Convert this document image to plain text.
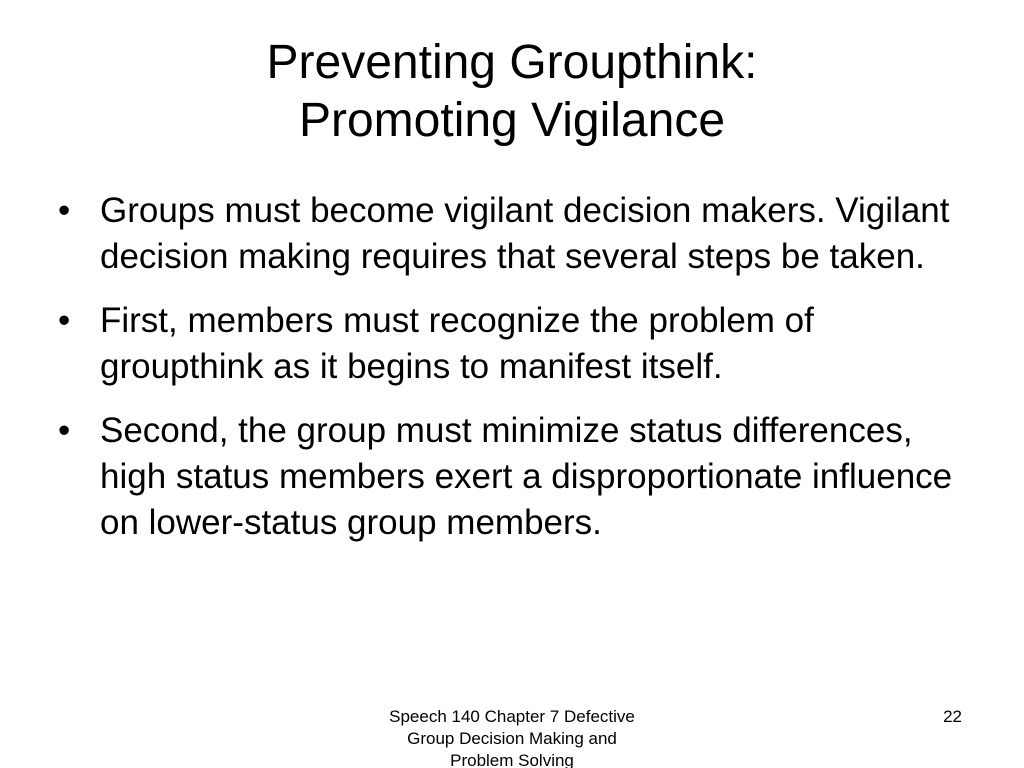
Preventing Groupthink:
Promoting Vigilance
• Groups must become vigilant decision makers. Vigilant decision making requires that several steps be taken.
• First, members must recognize the problem of groupthink as it begins to manifest itself.
• Second, the group must minimize status differences, high status members exert a disproportionate influence on lower-status group members.
Speech 140 Chapter 7 Defective
Group Decision Making and
Problem Solving
22
